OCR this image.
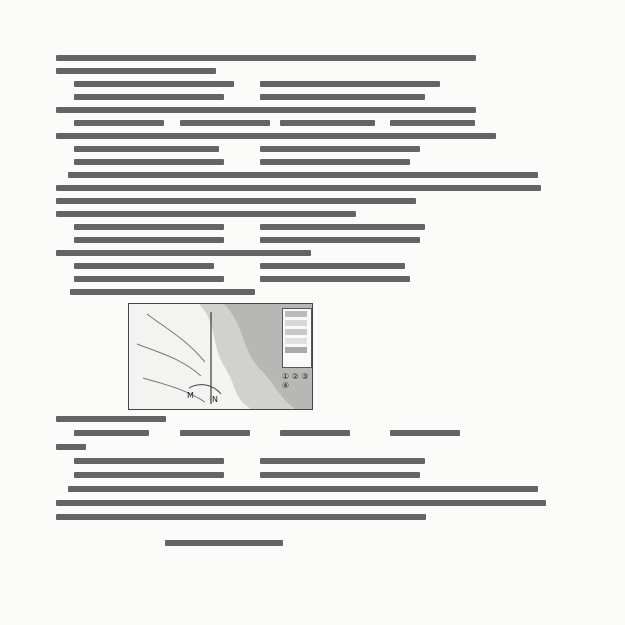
M N
① ② ③ ④
